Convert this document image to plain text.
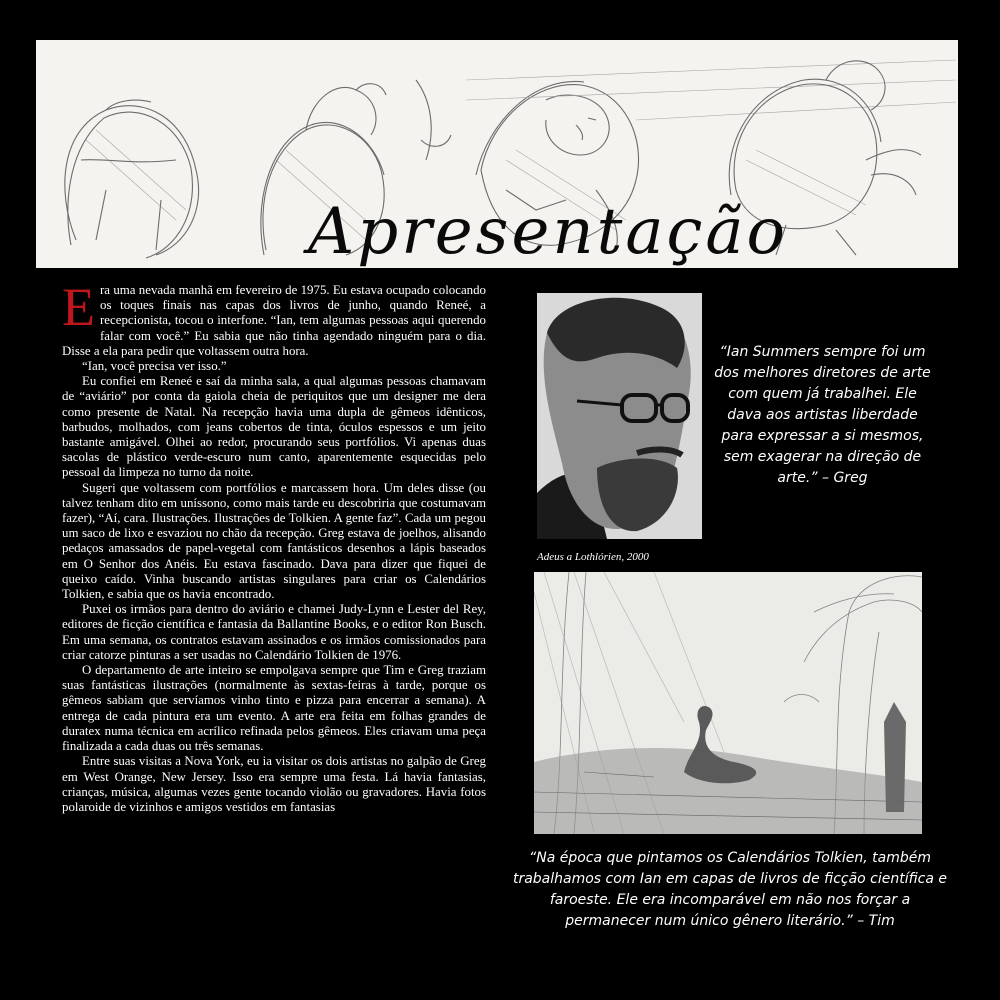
Apresentação

Era uma nevada manhã em fevereiro de 1975. Eu estava ocupado colocando os toques finais nas capas dos livros de junho, quando Reneé, a recepcionista, tocou o interfone. “Ian, tem algumas pessoas aqui querendo falar com você.” Eu sabia que não tinha agendado ninguém para o dia. Disse a ela para pedir que voltassem outra hora.

“Ian, você precisa ver isso.”

Eu confiei em Reneé e saí da minha sala, a qual algumas pessoas chamavam de “aviário” por conta da gaiola cheia de periquitos que um designer me dera como presente de Natal. Na recepção havia uma dupla de gêmeos idênticos, barbudos, molhados, com jeans cobertos de tinta, óculos espessos e um jeito bastante amigável. Olhei ao redor, procurando seus portfólios. Vi apenas duas sacolas de plástico verde-escuro num canto, aparentemente esquecidas pelo pessoal da limpeza no turno da noite.

Sugeri que voltassem com portfólios e marcassem hora. Um deles disse (ou talvez tenham dito em uníssono, como mais tarde eu descobriria que costumavam fazer), “Aí, cara. Ilustrações. Ilustrações de Tolkien. A gente faz”. Cada um pegou um saco de lixo e esvaziou no chão da recepção. Greg estava de joelhos, alisando pedaços amassados de papel-vegetal com fantásticos desenhos a lápis baseados em O Senhor dos Anéis. Eu estava fascinado. Dava para dizer que fiquei de queixo caído. Vinha buscando artistas singulares para criar os Calendários Tolkien, e sabia que os havia encontrado.

Puxei os irmãos para dentro do aviário e chamei Judy-Lynn e Lester del Rey, editores de ficção científica e fantasia da Ballantine Books, e o editor Ron Busch. Em uma semana, os contratos estavam assinados e os irmãos comissionados para criar catorze pinturas a ser usadas no Calendário Tolkien de 1976.

O departamento de arte inteiro se empolgava sempre que Tim e Greg traziam suas fantásticas ilustrações (normalmente às sextas-feiras à tarde, porque os gêmeos sabiam que servíamos vinho tinto e pizza para encerrar a semana). A entrega de cada pintura era um evento. A arte era feita em folhas grandes de duratex numa técnica em acrílico refinada pelos gêmeos. Eles criavam uma peça finalizada a cada duas ou três semanas.

Entre suas visitas a Nova York, eu ia visitar os dois artistas no galpão de Greg em West Orange, New Jersey. Isso era sempre uma festa. Lá havia fantasias, crianças, música, algumas vezes gente tocando violão ou gravadores. Havia fotos polaroide de vizinhos e amigos vestidos em fantasias

Adeus a Lothlórien, 2000
“Ian Summers sempre foi um dos melhores diretores de arte com quem já trabalhei. Ele dava aos artistas liberdade para expressar a si mesmos, sem exagerar na direção de arte.” – Greg
“Na época que pintamos os Calendários Tolkien, também trabalhamos com Ian em capas de livros de ficção científica e faroeste. Ele era incomparável em não nos forçar a permanecer num único gênero literário.” – Tim
